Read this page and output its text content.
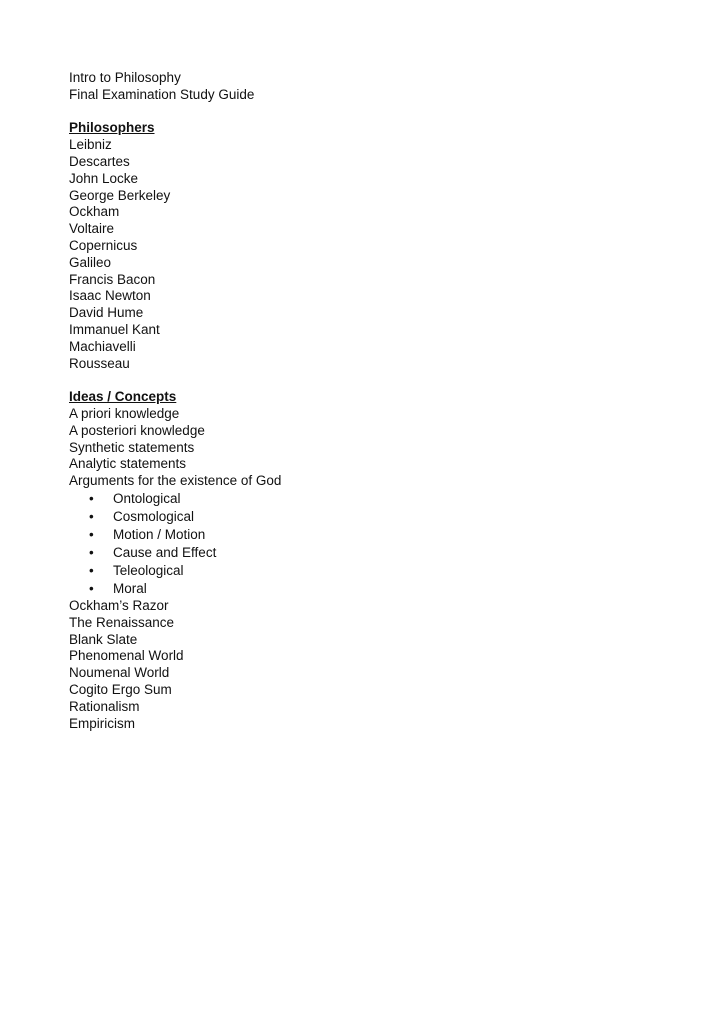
Intro to Philosophy
Final Examination Study Guide
Philosophers
Leibniz
Descartes
John Locke
George Berkeley
Ockham
Voltaire
Copernicus
Galileo
Francis Bacon
Isaac Newton
David Hume
Immanuel Kant
Machiavelli
Rousseau
Ideas / Concepts
A priori knowledge
A posteriori knowledge
Synthetic statements
Analytic statements
Arguments for the existence of God
• Ontological
• Cosmological
• Motion / Motion
• Cause and Effect
• Teleological
• Moral
Ockham’s Razor
The Renaissance
Blank Slate
Phenomenal World
Noumenal World
Cogito Ergo Sum
Rationalism
Empiricism
